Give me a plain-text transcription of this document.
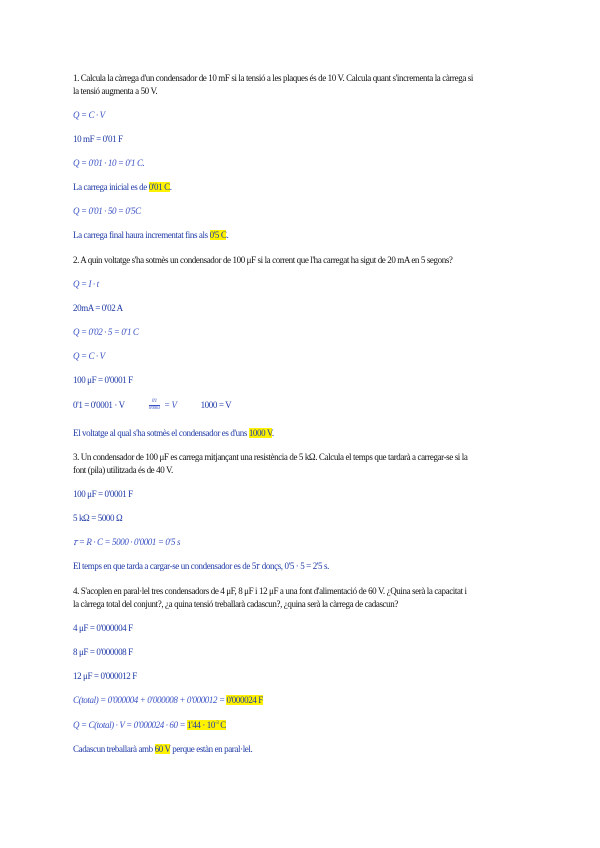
1. Calcula la càrrega d'un condensador de 10 mF si la tensió a les plaques és de 10 V. Calcula quant s'incrementa la càrrega si
la tensió augmenta a 50 V.
Q = C · V
10 mF = 0'01 F
Q = 0'01 · 10 = 0'1 C.
La carrega inicial es de 0'01 C.
Q = 0'01 · 50 = 0'5C
La carrega final haura incrementat fins als 0'5 C.
2. A quin voltatge s'ha sotmès un condensador de 100 μF si la corrent que l'ha carregat ha sigut de 20 mA en 5 segons?
Q = I · t
20mA = 0'02 A
Q = 0'02 · 5 = 0'1 C
Q = C · V
100 μF = 0'0001 F
0'1 = 0'0001 · V	$\frac{0'1}{0'0001} = V$	1000 = V
El voltatge al qual s'ha sotmès el condensador es d'uns 1000 V.
3. Un condensador de 100 μF es carrega mitjançant una resistència de 5 kΩ. Calcula el temps que tardarà a carregar-se si la
font (pila) utilitzada és de 40 V.
100 μF = 0'0001 F
5 kΩ = 5000 Ω
𝜏 = R · C = 5000 · 0'0001 = 0'5 s
El temps en que tarda a cargar-se un condensador es de 5𝜏 donçs, 0'5 · 5 = 2'5 s.
4. S'acoplen en paral·lel tres condensadors de 4 μF, 8 μF i 12 μF a una font d'alimentació de 60 V. ¿Quina serà la capacitat i
la càrrega total del conjunt?, ¿a quina tensió treballarà cadascun?, ¿quina serà la càrrega de cadascun?
4 μF = 0'000004 F
8 μF = 0'000008 F
12 μF = 0'000012 F
C(total) = 0'000004 + 0'000008 + 0'000012 = 0'000024 F
Q = C(total) · $V = 0'000024 \cdot 60 = 1'44 \cdot 10^{-3}$ C
Cadascun treballarà amb 60 V perque estàn en paral·lel.
